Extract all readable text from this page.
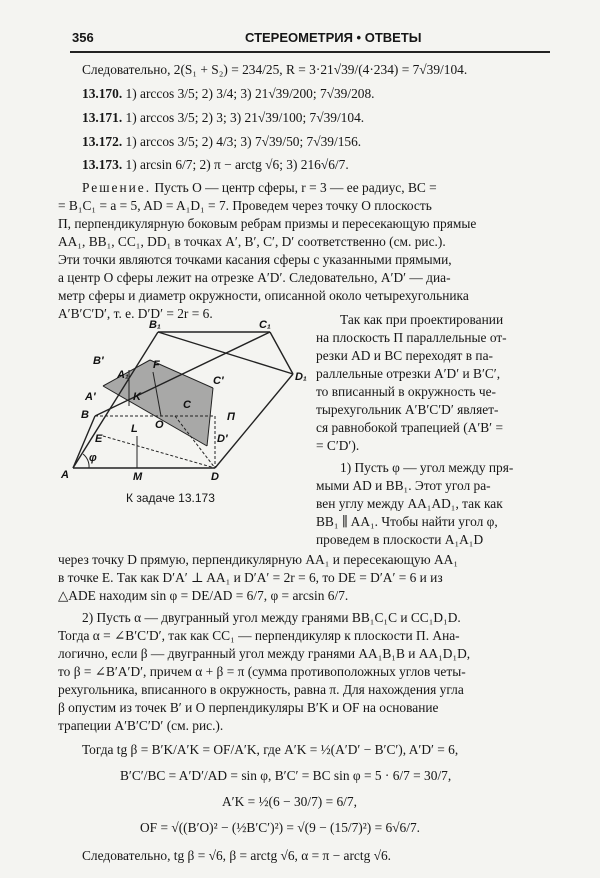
356	СТЕРЕОМЕТРИЯ • ОТВЕТЫ
Следовательно, 2(S₁ + S₂) = 234/25, R = 3·21√39/(4·234) = 7√39/104.
13.170. 1) arccos 3/5; 2) 3/4; 3) 21√39/200; 7√39/208.
13.171. 1) arccos 3/5; 2) 3; 3) 21√39/100; 7√39/104.
13.172. 1) arccos 3/5; 2) 4/3; 3) 7√39/50; 7√39/156.
13.173. 1) arcsin 6/7; 2) π − arctg √6; 3) 216√6/7.
Решение. Пусть O — центр сферы, r = 3 — ее радиус, BC =
= B₁C₁ = a = 5, AD = A₁D₁ = 7. Проведем через точку O плоскость
Π, перпендикулярную боковым ребрам призмы и пересекающую прямые
AA₁, BB₁, CC₁, DD₁ в точках A′, B′, C′, D′ соответственно (см. рис.).
Эти точки являются точками касания сферы с указанными прямыми,
а центр O сферы лежит на отрезке A′D′. Следовательно, A′D′ — диа-
метр сферы и диаметр окружности, описанной около четырехугольника
A′B′C′D′, т. е. D′D′ = 2r = 6.
B₁	C₁
D₁
B′
A₁
F
C′
A′	K
C
Π
B
L O
E	D′
A
φ
M	D
К задаче 13.173
Так как при проектировании
на плоскость Π параллельные от-
резки AD и BC переходят в па-
раллельные отрезки A′D′ и B′C′,
то вписанный в окружность че-
тырехугольник A′B′C′D′ являет-
ся равнобокой трапецией (A′B′ =
= C′D′).
1) Пусть φ — угол между пря-
мыми AD и BB₁. Этот угол ра-
вен углу между AA₁AD₁, так как
BB₁ ∥ AA₁. Чтобы найти угол φ,
проведем в плоскости A₁A₁D
через точку D прямую, перпендикулярную AA₁ и пересекающую AA₁
в точке E. Так как D′A′ ⊥ AA₁ и D′A′ = 2r = 6, то DE = D′A′ = 6 и из
△ADE находим sin φ = DE/AD = 6/7, φ = arcsin 6/7.
2) Пусть α — двугранный угол между гранями BB₁C₁C и CC₁D₁D.
Тогда α = ∠B′C′D′, так как CC₁ — перпендикуляр к плоскости Π. Ана-
логично, если β — двугранный угол между гранями AA₁B₁B и AA₁D₁D,
то β = ∠B′A′D′, причем α + β = π (сумма противоположных углов четы-
рехугольника, вписанного в окружность, равна π. Для нахождения угла
β опустим из точек B′ и O перпендикуляры B′K и OF на основание
трапеции A′B′C′D′ (см. рис.).
Тогда tg β = B′K/A′K = OF/A′K, где A′K = ½(A′D′ − B′C′), A′D′ = 6,
B′C′/BC = A′D′/AD = sin φ, B′C′ = BC sin φ = 5 · 6/7 = 30/7,
A′K = ½(6 − 30/7) = 6/7,
OF = √((B′O)² − (½B′C′)²) = √(9 − (15/7)²) = 6√6/7.
Следовательно, tg β = √6, β = arctg √6, α = π − arctg √6.
